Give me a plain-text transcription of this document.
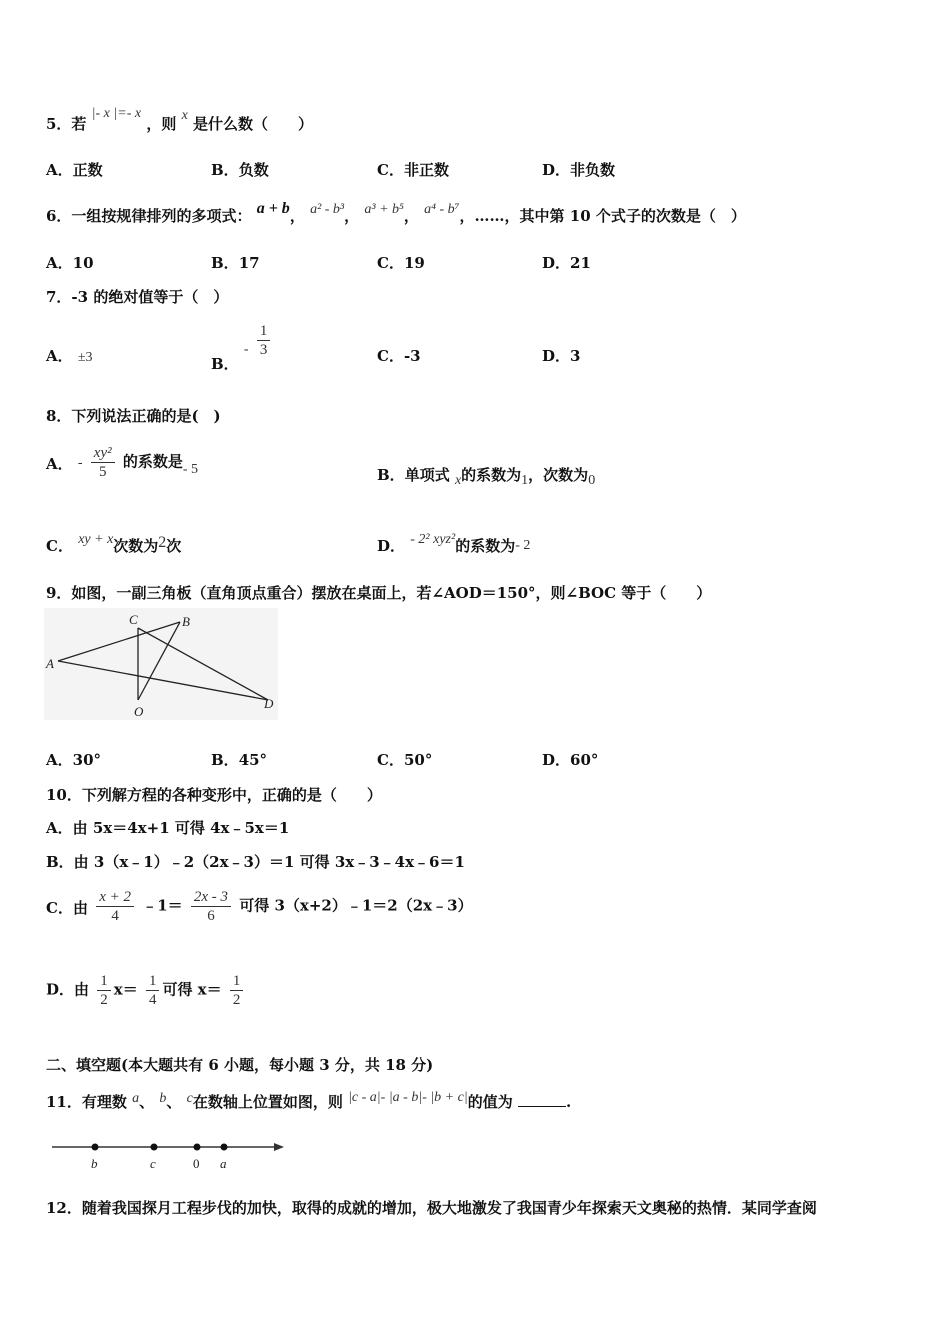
5．若 |- x |=- x ，则 x 是什么数（　　）
A．正数	B．负数	C．非正数	D．非负数
6．一组按规律排列的多项式： a + b， a² - b³， a³ + b⁵， a⁴ - b⁷，……，其中第 10 个式子的次数是（　）
A．10	B．17	C．19	D．21
7．-3 的绝对值等于（　）
A． ±3	B． - $\frac{1}{3}$	C．-3	D．3
8．下列说法正确的是(　)
A． - $\frac{\text{xy²}}{5}$ 的系数是- 5	B．单项式 x的系数为1，次数为0
C． xy + x次数为2次	D． - 2² xyz²的系数为- 2
9．如图，一副三角板（直角顶点重合）摆放在桌面上，若∠AOD＝150°，则∠BOC 等于（　　）
A
B
C
D
O
A．30°	B．45°	C．50°	D．60°
10．下列解方程的各种变形中，正确的是（　　）
A．由 5x＝4x+1 可得 4x﹣5x＝1
B．由 3（x﹣1）﹣2（2x﹣3）＝1 可得 3x﹣3﹣4x﹣6＝1
C．由 $\frac{x + 2}{4}$ ﹣1＝ $\frac{2x - 3}{6}$ 可得 3（x+2）﹣1＝2（2x﹣3）
D．由 $\frac{1}{2} x= \frac{1}{4}$ 可得 $x= \frac{1}{2}$
二、填空题(本大题共有 6 小题，每小题 3 分，共 18 分)
11．有理数 a、 b、 c在数轴上位置如图，则 |c - a|- |a - b|- |b + c|的值为	.
b	c	0 a
12．随着我国探月工程步伐的加快，取得的成就的增加，极大地激发了我国青少年探索天文奥秘的热情．某同学查阅
